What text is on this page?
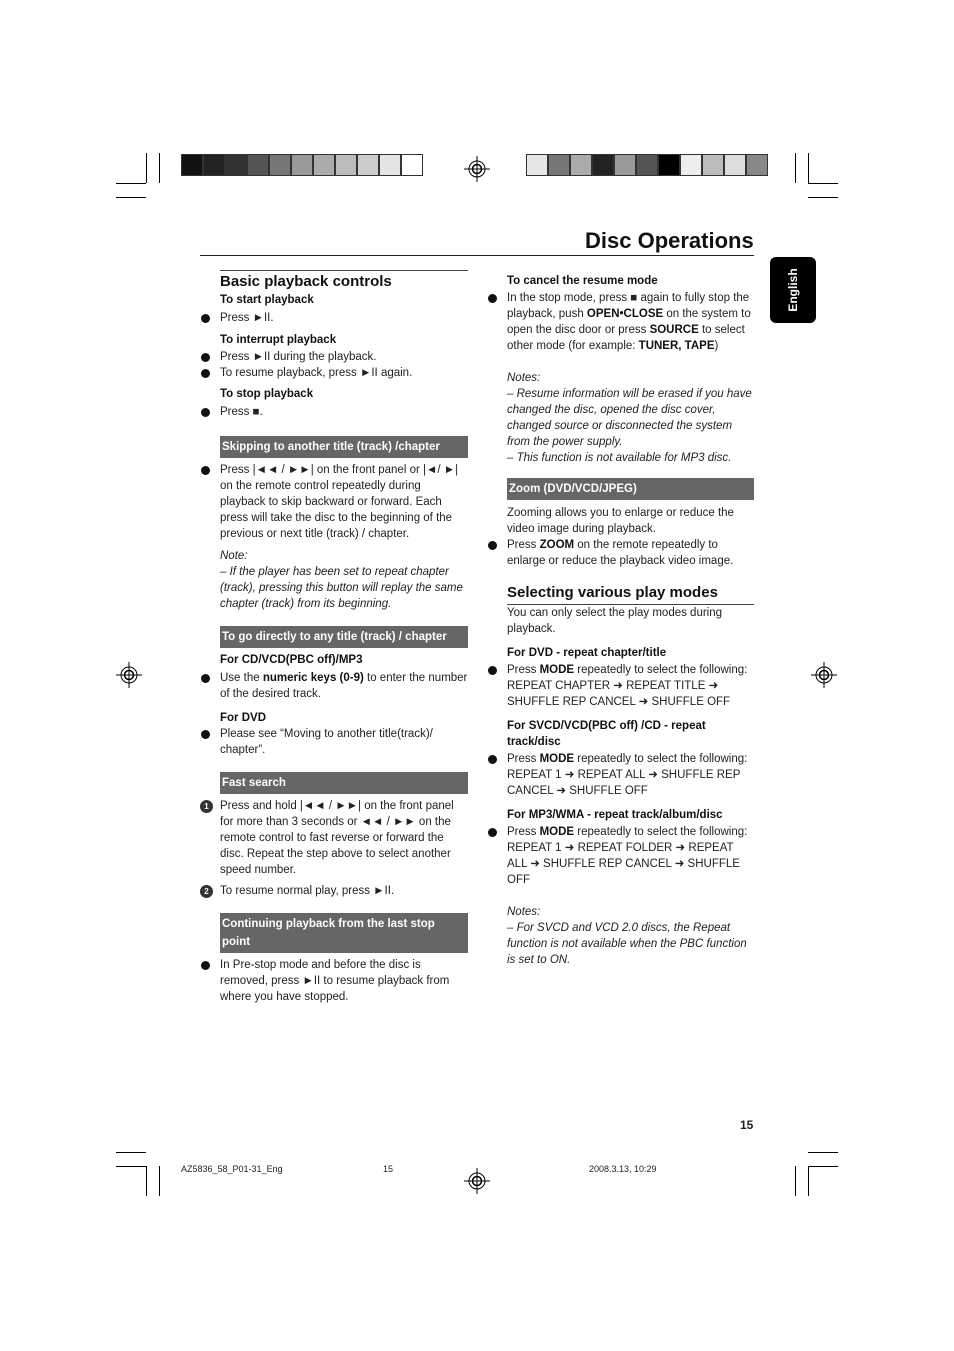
Disc Operations
English

Basic playback controls

To start playback

Press ►II.

To interrupt playback

Press ►II during the playback.

To resume playback, press ►II again.

To stop playback

Press ■.

Skipping to another title (track) /chapter

Press |◄◄ / ►►| on the front panel or |◄/ ►| on the remote control repeatedly during playback to skip backward or forward. Each press will take the disc to the beginning of the previous or next title (track) / chapter.

Note:

– If the player has been set to repeat chapter (track), pressing this button will replay the same chapter (track) from its beginning.

To go directly to any title (track) / chapter

For CD/VCD(PBC off)/MP3

Use the numeric keys (0-9) to enter the number of the desired track.

For DVD

Please see “Moving to another title(track)/ chapter”.

Fast search

1 Press and hold |◄◄ / ►►| on the front panel for more than 3 seconds or ◄◄ / ►► on the remote control to fast reverse or forward the disc. Repeat the step above to select another speed number.

2 To resume normal play, press ►II.

Continuing playback from the last stop point

In Pre-stop mode and before the disc is removed, press ►II to resume playback from where you have stopped.

To cancel the resume mode

In the stop mode, press ■ again to fully stop the playback, push OPEN•CLOSE on the system to open the disc door or press SOURCE to select other mode (for example: TUNER, TAPE)

Notes:

– Resume information will be erased if you have changed the disc, opened the disc cover, changed source or disconnected the system from the power supply.

– This function is not available for MP3 disc.

Zoom (DVD/VCD/JPEG)

Zooming allows you to enlarge or reduce the video image during playback.

Press ZOOM on the remote repeatedly to enlarge or reduce the playback video image.

Selecting various play modes

You can only select the play modes during playback.

For DVD - repeat chapter/title

Press MODE repeatedly to select the following: REPEAT CHAPTER ➜ REPEAT TITLE ➜ SHUFFLE REP CANCEL ➜ SHUFFLE OFF

For SVCD/VCD(PBC off) /CD - repeat track/disc

Press MODE repeatedly to select the following: REPEAT 1 ➜ REPEAT ALL ➜ SHUFFLE REP CANCEL ➜ SHUFFLE OFF

For MP3/WMA - repeat track/album/disc

Press MODE repeatedly to select the following: REPEAT 1 ➜ REPEAT FOLDER ➜ REPEAT ALL ➜ SHUFFLE REP CANCEL ➜ SHUFFLE OFF

Notes:

– For SVCD and VCD 2.0 discs, the Repeat function is not available when the PBC function is set to ON.

15
AZ5836_58_P01-31_Eng	15	2008.3.13, 10:29
